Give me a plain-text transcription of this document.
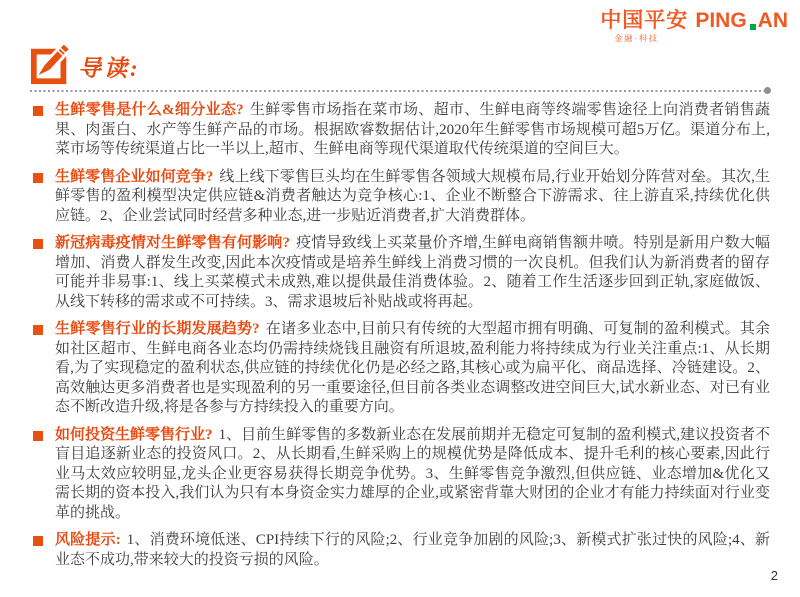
中国平安 PING AN
金融·科技
导读:

生鲜零售是什么&细分业态? 生鲜零售市场指在菜市场、超市、生鲜电商等终端零售途径上向消费者销售蔬果、肉蛋白、水产等生鲜产品的市场。根据欧睿数据估计,2020年生鲜零售市场规模可超5万亿。渠道分布上,菜市场等传统渠道占比一半以上,超市、生鲜电商等现代渠道取代传统渠道的空间巨大。

生鲜零售企业如何竞争? 线上线下零售巨头均在生鲜零售各领域大规模布局,行业开始划分阵营对垒。其次,生鲜零售的盈利模型决定供应链&消费者触达为竞争核心:1、企业不断整合下游需求、往上游直采,持续优化供应链。2、企业尝试同时经营多种业态,进一步贴近消费者,扩大消费群体。

新冠病毒疫情对生鲜零售有何影响? 疫情导致线上买菜量价齐增,生鲜电商销售额井喷。特别是新用户数大幅增加、消费人群发生改变,因此本次疫情或是培养生鲜线上消费习惯的一次良机。但我们认为新消费者的留存可能并非易事:1、线上买菜模式未成熟,难以提供最佳消费体验。2、随着工作生活逐步回到正轨,家庭做饭、从线下转移的需求或不可持续。3、需求退坡后补贴战或将再起。

生鲜零售行业的长期发展趋势? 在诸多业态中,目前只有传统的大型超市拥有明确、可复制的盈利模式。其余如社区超市、生鲜电商各业态均仍需持续烧钱且融资有所退坡,盈利能力将持续成为行业关注重点:1、从长期看,为了实现稳定的盈利状态,供应链的持续优化仍是必经之路,其核心或为扁平化、商品选择、冷链建设。2、高效触达更多消费者也是实现盈利的另一重要途径,但目前各类业态调整改进空间巨大,试水新业态、对已有业态不断改造升级,将是各参与方持续投入的重要方向。

如何投资生鲜零售行业? 1、目前生鲜零售的多数新业态在发展前期并无稳定可复制的盈利模式,建议投资者不盲目追逐新业态的投资风口。2、从长期看,生鲜采购上的规模优势是降低成本、提升毛利的核心要素,因此行业马太效应较明显,龙头企业更容易获得长期竞争优势。3、生鲜零售竞争激烈,但供应链、业态增加&优化又需长期的资本投入,我们认为只有本身资金实力雄厚的企业,或紧密背靠大财团的企业才有能力持续面对行业变革的挑战。

风险提示: 1、消费环境低迷、CPI持续下行的风险;2、行业竞争加剧的风险;3、新模式扩张过快的风险;4、新业态不成功,带来较大的投资亏损的风险。

2
